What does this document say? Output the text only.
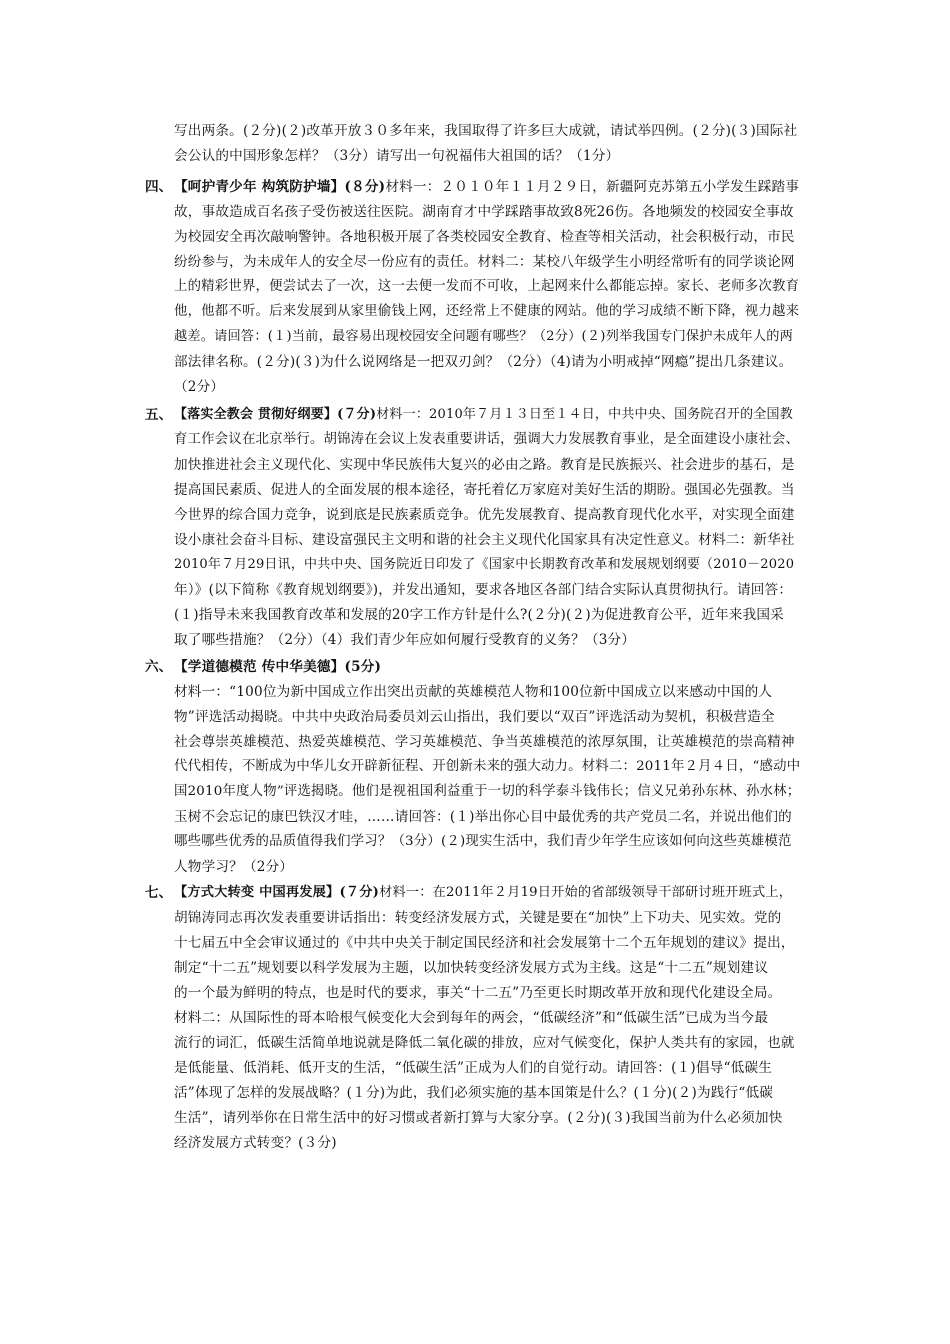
写出两条。(２分)(２)改革开放３０多年来，我国取得了许多巨大成就，请试举四例。(２分)(３)国际社
会公认的中国形象怎样？（3分）请写出一句祝福伟大祖国的话？（1分）
四、 【呵护青少年 构筑防护墙】(８分)材料一：２０１０年１１月２９日，新疆阿克苏第五小学发生踩踏事
故，事故造成百名孩子受伤被送往医院。湖南育才中学踩踏事故致8死26伤。各地频发的校园安全事故
为校园安全再次敲响警钟。各地积极开展了各类校园安全教育、检查等相关活动，社会积极行动，市民
纷纷参与，为未成年人的安全尽一份应有的责任。材料二：某校八年级学生小明经常听有的同学谈论网
上的精彩世界，便尝试去了一次，这一去便一发而不可收，上起网来什么都能忘掉。家长、老师多次教育
他，他都不听。后来发展到从家里偷钱上网，还经常上不健康的网站。他的学习成绩不断下降，视力越来
越差。请回答：(１)当前，最容易出现校园安全问题有哪些？（2分）(２)列举我国专门保护未成年人的两
部法律名称。(２分)(３)为什么说网络是一把双刃剑？（2分）（4)请为小明戒掉“网瘾”提出几条建议。
（2分）
五、 【落实全教会 贯彻好纲要】(７分)材料一：2010年７月１３日至１４日，中共中央、国务院召开的全国教
育工作会议在北京举行。胡锦涛在会议上发表重要讲话，强调大力发展教育事业，是全面建设小康社会、
加快推进社会主义现代化、实现中华民族伟大复兴的必由之路。教育是民族振兴、社会进步的基石，是
提高国民素质、促进人的全面发展的根本途径，寄托着亿万家庭对美好生活的期盼。强国必先强教。当
今世界的综合国力竞争，说到底是民族素质竞争。优先发展教育、提高教育现代化水平，对实现全面建
设小康社会奋斗目标、建设富强民主文明和谐的社会主义现代化国家具有决定性意义。材料二：新华社
2010年７月29日讯，中共中央、国务院近日印发了《国家中长期教育改革和发展规划纲要（2010－2020
年）》(以下简称《教育规划纲要》)，并发出通知，要求各地区各部门结合实际认真贯彻执行。请回答：
(１)指导未来我国教育改革和发展的20字工作方针是什么?(２分)(２)为促进教育公平，近年来我国采
取了哪些措施？（2分）（4）我们青少年应如何履行受教育的义务？（3分）
六、 【学道德模范 传中华美德】(5分)
材料一：“100位为新中国成立作出突出贡献的英雄模范人物和100位新中国成立以来感动中国的人
物”评选活动揭晓。中共中央政治局委员刘云山指出，我们要以“双百”评选活动为契机，积极营造全
社会尊崇英雄模范、热爱英雄模范、学习英雄模范、争当英雄模范的浓厚氛围，让英雄模范的崇高精神
代代相传，不断成为中华儿女开辟新征程、开创新未来的强大动力。材料二：2011年２月４日，“感动中
国2010年度人物”评选揭晓。他们是视祖国利益重于一切的科学泰斗钱伟长；信义兄弟孙东林、孙水林；
玉树不会忘记的康巴铁汉才哇，……请回答：(１)举出你心目中最优秀的共产党员二名，并说出他们的
哪些哪些优秀的品质值得我们学习？（3分）(２)现实生活中，我们青少年学生应该如何向这些英雄模范
人物学习？（2分）
七、 【方式大转变 中国再发展】(７分)材料一：在2011年２月19日开始的省部级领导干部研讨班开班式上，
胡锦涛同志再次发表重要讲话指出：转变经济发展方式，关键是要在“加快”上下功夫、见实效。党的
十七届五中全会审议通过的《中共中央关于制定国民经济和社会发展第十二个五年规划的建议》提出，
制定“十二五”规划要以科学发展为主题，以加快转变经济发展方式为主线。这是“十二五”规划建议
的一个最为鲜明的特点，也是时代的要求，事关“十二五”乃至更长时期改革开放和现代化建设全局。
材料二：从国际性的哥本哈根气候变化大会到每年的两会，“低碳经济”和“低碳生活”已成为当今最
流行的词汇，低碳生活简单地说就是降低二氧化碳的排放，应对气候变化，保护人类共有的家园，也就
是低能量、低消耗、低开支的生活，“低碳生活”正成为人们的自觉行动。请回答：(１)倡导“低碳生
活”体现了怎样的发展战略？(１分)为此，我们必须实施的基本国策是什么？(１分)(２)为践行“低碳
生活”，请列举你在日常生活中的好习惯或者新打算与大家分享。(２分)(３)我国当前为什么必须加快
经济发展方式转变？(３分)
